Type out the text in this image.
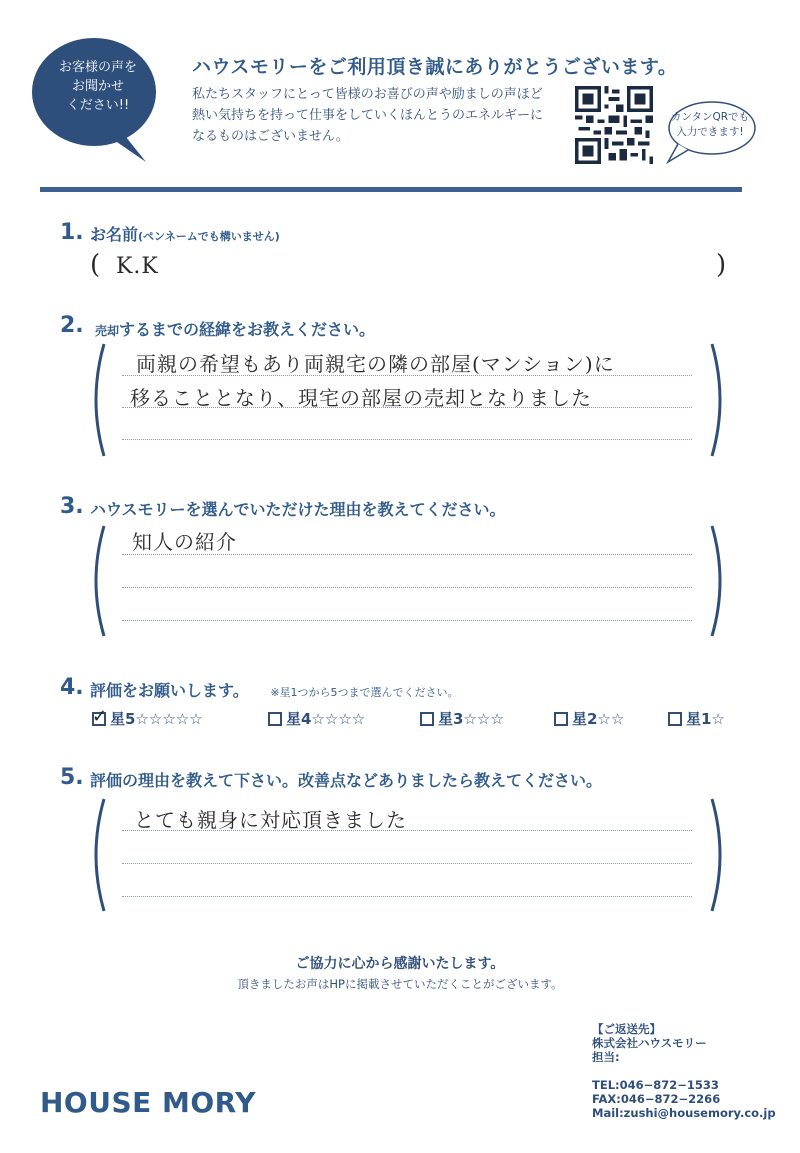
お客様の声を
お聞かせ
ください!!
ハウスモリーをご利用頂き誠にありがとうございます。
私たちスタッフにとって皆様のお喜びの声や励ましの声ほど
熱い気持ちを持って仕事をしていくほんとうのエネルギーに
なるものはございません。
カンタンQRでも
入力できます!
1. お名前(ペンネームでも構いません)
( K.K	)
2. 売却するまでの経緯をお教えください。
両親の希望もあり両親宅の隣の部屋(マンション)に
移ることとなり、現宅の部屋の売却となりました
3. ハウスモリーを選んでいただけた理由を教えてください。
知人の紹介
4. 評価をお願いします。 ※星1つから5つまで選んでください。
✓ 星5☆☆☆☆☆	星4☆☆☆☆	星3☆☆☆	星2☆☆	星1☆
5. 評価の理由を教えて下さい。改善点などありましたら教えてください。
とても親身に対応頂きました
ご協力に心から感謝いたします。
頂きましたお声はHPに掲載させていただくことがございます。
HOUSE MORY
【ご返送先】
株式会社ハウスモリー
担当:
TEL:046−872−1533
FAX:046−872−2266
Mail:zushi@housemory.co.jp
